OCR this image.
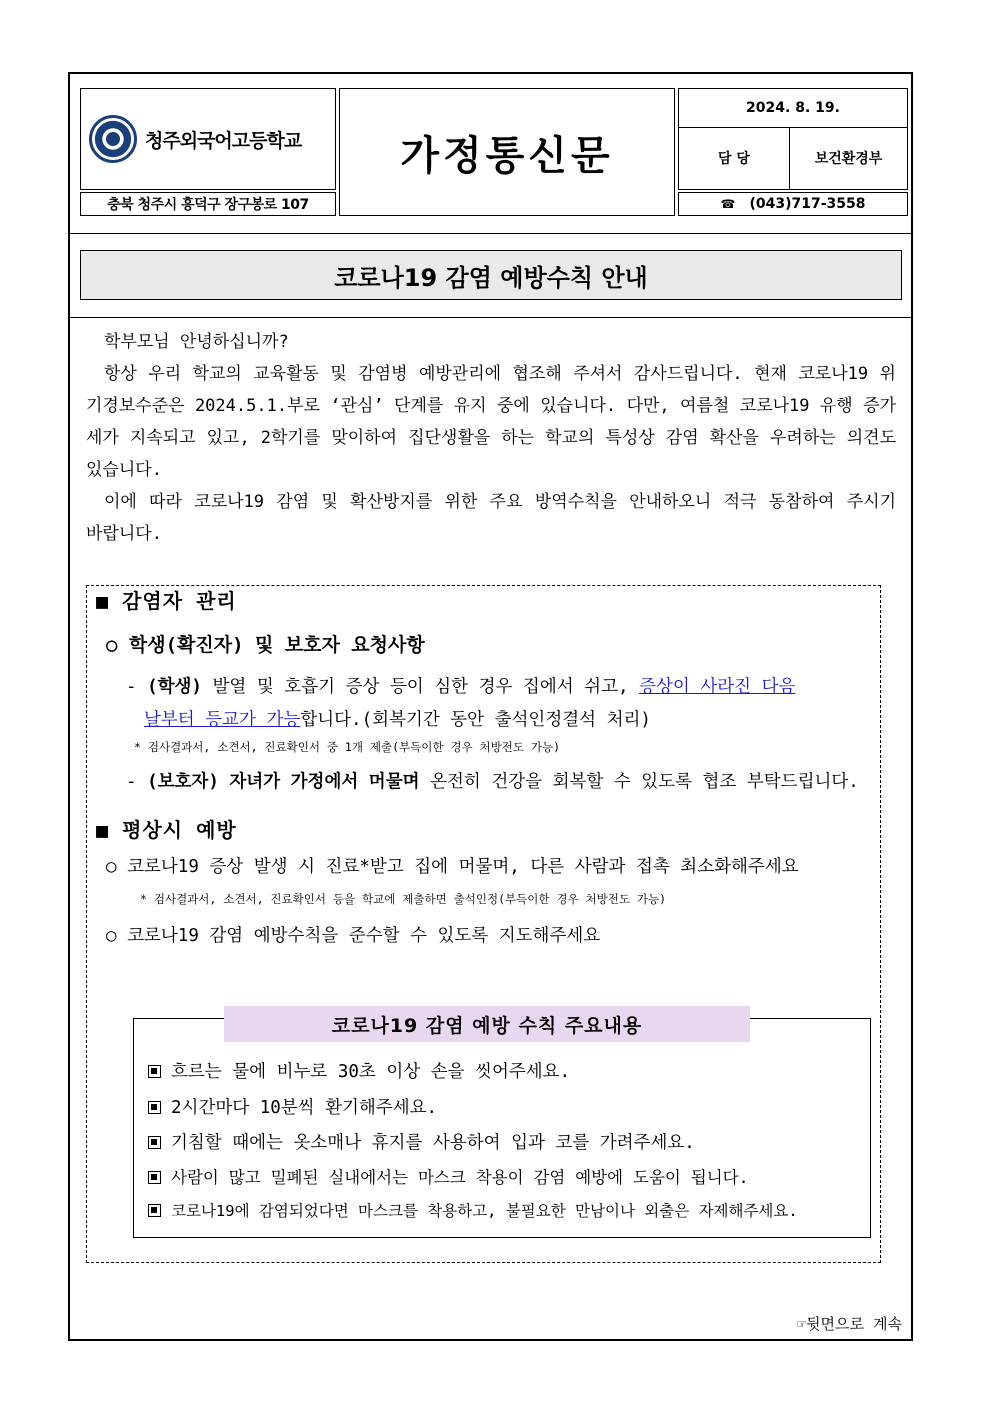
청주외국어고등학교
충북 청주시 흥덕구 장구봉로 107
가정통신문
2024. 8. 19.
담 당	보건환경부
☎ (043)717-3558
코로나19 감염 예방수칙 안내

학부모님 안녕하십니까?

항상 우리 학교의 교육활동 및 감염병 예방관리에 협조해 주셔서 감사드립니다. 현재 코로나19 위기경보수준은 2024.5.1.부로 ‘관심’ 단계를 유지 중에 있습니다. 다만, 여름철 코로나19 유행 증가세가 지속되고 있고, 2학기를 맞이하여 집단생활을 하는 학교의 특성상 감염 확산을 우려하는 의견도 있습니다.

이에 따라 코로나19 감염 및 확산방지를 위한 주요 방역수칙을 안내하오니 적극 동참하여 주시기 바랍니다.

■ 감염자 관리
○ 학생(확진자) 및 보호자 요청사항
- (학생) 발열 및 호흡기 증상 등이 심한 경우 집에서 쉬고, 증상이 사라진 다음
날부터 등교가 가능합니다.(회복기간 동안 출석인정결석 처리)
* 검사결과서, 소견서, 진료확인서 중 1개 제출(부득이한 경우 처방전도 가능)
- (보호자) 자녀가 가정에서 머물며 온전히 건강을 회복할 수 있도록 협조 부탁드립니다.
■ 평상시 예방
○ 코로나19 증상 발생 시 진료*받고 집에 머물며, 다른 사람과 접촉 최소화해주세요
* 검사결과서, 소견서, 진료확인서 등을 학교에 제출하면 출석인정(부득이한 경우 처방전도 가능)
○ 코로나19 감염 예방수칙을 준수할 수 있도록 지도해주세요
코로나19 감염 예방 수칙 주요내용
흐르는 물에 비누로 30초 이상 손을 씻어주세요.
2시간마다 10분씩 환기해주세요.
기침할 때에는 옷소매나 휴지를 사용하여 입과 코를 가려주세요.
사람이 많고 밀폐된 실내에서는 마스크 착용이 감염 예방에 도움이 됩니다.
코로나19에 감염되었다면 마스크를 착용하고, 불필요한 만남이나 외출은 자제해주세요.
☞뒷면으로 계속
